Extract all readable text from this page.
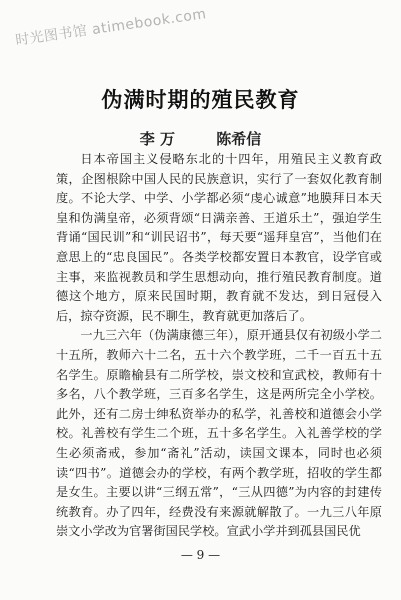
时光图书馆 atimebook.com
伪满时期的殖民教育
李 万	陈希信

日本帝国主义侵略东北的十四年，用殖民主义教育政策，企图根除中国人民的民族意识，实行了一套奴化教育制度。不论大学、中学、小学都必须“虔心诚意”地膜拜日本天皇和伪满皇帝，必须背颂“日满亲善、王道乐土”，强迫学生背诵“国民训”和“训民诏书”，每天要“遥拜皇宫”，当他们在意思上的“忠良国民”。各类学校都安置日本教官，设学官或主事，来监视教员和学生思想动向，推行殖民教育制度。道德这个地方，原来民国时期，教育就不发达，到日冠侵入后，掠夺资源，民不聊生，教育就更加落后了。

一九三六年（伪满康德三年），原开通县仅有初级小学二十五所，教师六十二名，五十六个教学班，二千一百五十五名学生。原瞻榆县有二所学校，崇文校和宣武校，教师有十多名，八个教学班，三百多名学生，这是两所完全小学校。此外，还有二房士绅私资举办的私学，礼善校和道德会小学校。礼善校有学生二个班，五十多名学生。入礼善学校的学生必须斋戒，参加“斋礼”活动，读国文课本，同时也必须读“四书”。道德会办的学校，有两个教学班，招收的学生都是女生。主要以讲“三纲五常”，“三从四德”为内容的封建传统教育。办了四年，经费没有来源就解散了。一九三八年原崇文小学改为官署街国民学校。宣武小学并到孤县国民优

— 9 —
